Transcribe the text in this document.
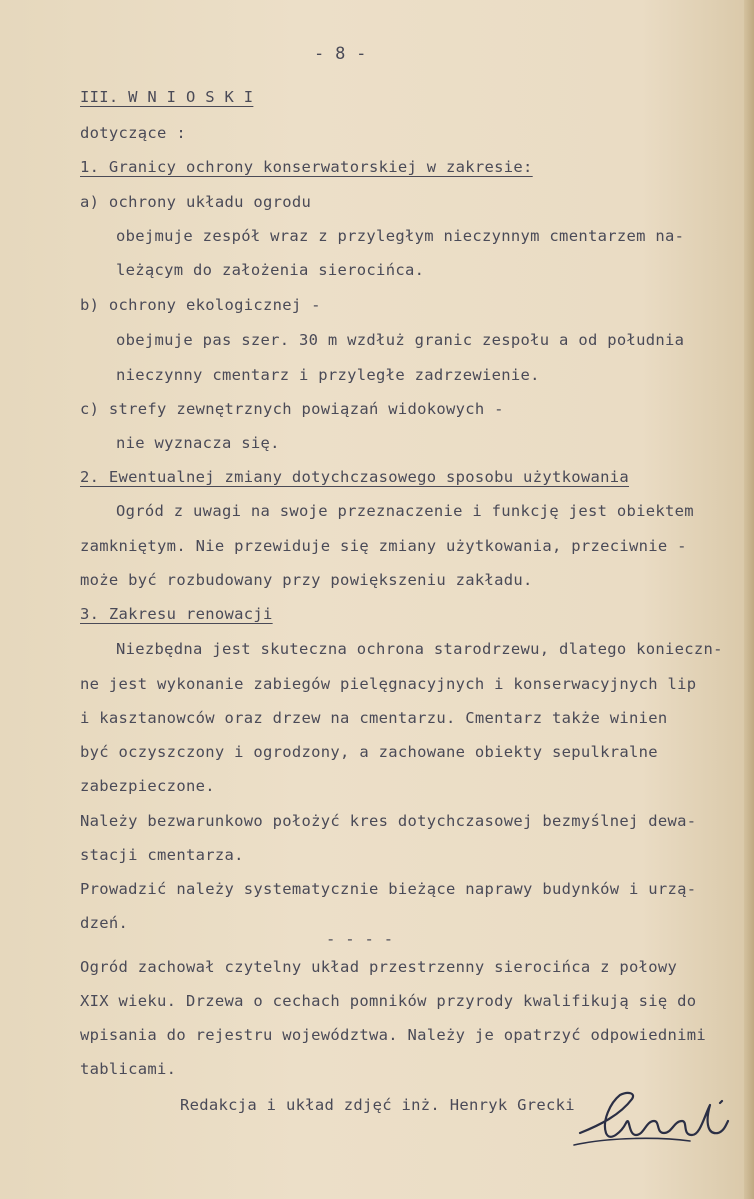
- 8 -
III. W N I O S K I
dotyczące :
1. Granicy ochrony konserwatorskiej w zakresie:
a) ochrony układu ogrodu
obejmuje zespół wraz z przyległym nieczynnym cmentarzem na-
leżącym do założenia sierocińca.
b) ochrony ekologicznej -
obejmuje pas szer. 30 m wzdłuż granic zespołu a od południa
nieczynny cmentarz i przyległe zadrzewienie.
c) strefy zewnętrznych powiązań widokowych -
nie wyznacza się.
2. Ewentualnej zmiany dotychczasowego sposobu użytkowania
Ogród z uwagi na swoje przeznaczenie i funkcję jest obiektem
zamkniętym. Nie przewiduje się zmiany użytkowania, przeciwnie -
może być rozbudowany przy powiększeniu zakładu.
3. Zakresu renowacji
Niezbędna jest skuteczna ochrona starodrzewu, dlatego konieczn-
ne jest wykonanie zabiegów pielęgnacyjnych i konserwacyjnych lip
i kasztanowców oraz drzew na cmentarzu. Cmentarz także winien
być oczyszczony i ogrodzony, a zachowane obiekty sepulkralne
zabezpieczone.
Należy bezwarunkowo położyć kres dotychczasowej bezmyślnej dewa-
stacji cmentarza.
Prowadzić należy systematycznie bieżące naprawy budynków i urzą-
dzeń.
- - - -
Ogród zachował czytelny układ przestrzenny sierocińca z połowy
XIX wieku. Drzewa o cechach pomników przyrody kwalifikują się do
wpisania do rejestru województwa. Należy je opatrzyć odpowiednimi
tablicami.
Redakcja i układ zdjęć inż. Henryk Grecki
